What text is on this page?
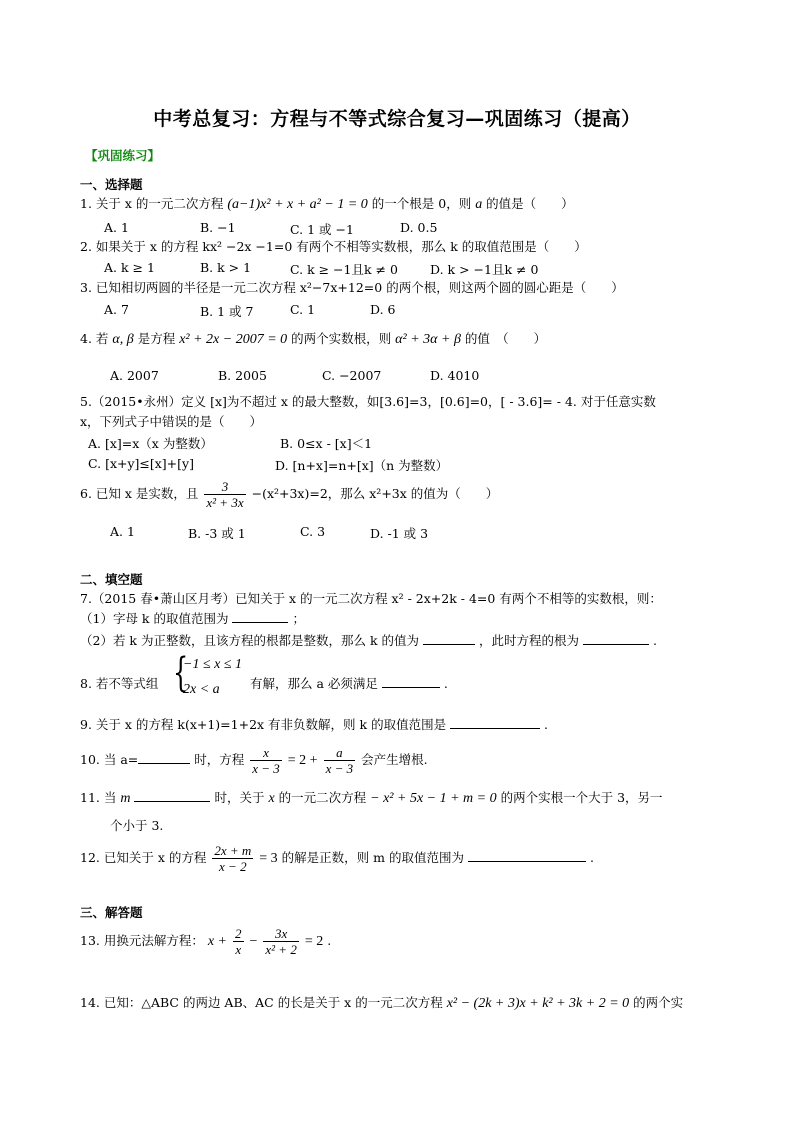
中考总复习：方程与不等式综合复习—巩固练习（提高）
【巩固练习】
一、选择题
1. 关于 x 的一元二次方程 (a−1)x² + x + a² − 1 = 0 的一个根是 0，则 a 的值是（　　）
A. 1	B. −1	C. 1 或 −1	D. 0.5
2. 如果关于 x 的方程 kx² −2x −1=0 有两个不相等实数根，那么 k 的取值范围是（　　）
A. k ≥ 1	B. k > 1	C. k ≥ −1且k ≠ 0	D. k > −1且k ≠ 0
3. 已知相切两圆的半径是一元二次方程 x²−7x+12=0 的两个根，则这两个圆的圆心距是（　　）
A. 7	B. 1 或 7	C. 1	D. 6
4. 若 α, β 是方程 x² + 2x − 2007 = 0 的两个实数根，则 α² + 3α + β 的值　（　　）
A. 2007	B. 2005	C. −2007	D. 4010
5.（2015•永州）定义 [x]为不超过 x 的最大整数，如[3.6]=3，[0.6]=0，[ - 3.6]= - 4. 对于任意实数
x，下列式子中错误的是（　　）
A. [x]=x（x 为整数）	B. 0≤x - [x]＜1
C. [x+y]≤[x]+[y]	D. [n+x]=n+[x]（n 为整数）
6. 已知 x 是实数，且 $\frac{3}{\text{x² + 3x}} -(x^2+3x)=2$，那么 x²+3x 的值为（　　）
A. 1	B. -3 或 1	C. 3	D. -1 或 3
二、填空题
7.（2015 春•萧山区月考）已知关于 x 的一元二次方程 x² - 2x+2k - 4=0 有两个不相等的实数根，则：
（1）字母 k 的取值范围为	；
（2）若 k 为正整数，且该方程的根都是整数，那么 k 的值为	，此时方程的根为	.
8. 若不等式组 {
−1 ≤ x ≤ 1
2x < a 有解，那么 a 必须满足	.
9. 关于 x 的方程 k(x+1)=1+2x 有非负数解，则 k 的取值范围是	.
10. 当 a=	时，方程 $\frac{x}{x - 3} = 2 + \frac{a}{x - 3}$ 会产生增根.
11. 当 m	时，关于 x 的一元二次方程 − x² + 5x − 1 + m = 0 的两个实根一个大于 3，另一
个小于 3.
12. 已知关于 x 的方程 $\frac{2x + m}{x - 2} = 3$ 的解是正数，则 m 的取值范围为	.
三、解答题
13. 用换元法解方程： $x + \frac{2}{x} - \frac{3x}{\text{x² + 2}} = 2$ .
14. 已知：△ABC 的两边 AB、AC 的长是关于 x 的一元二次方程 x² − (2k + 3)x + k² + 3k + 2 = 0 的两个实
